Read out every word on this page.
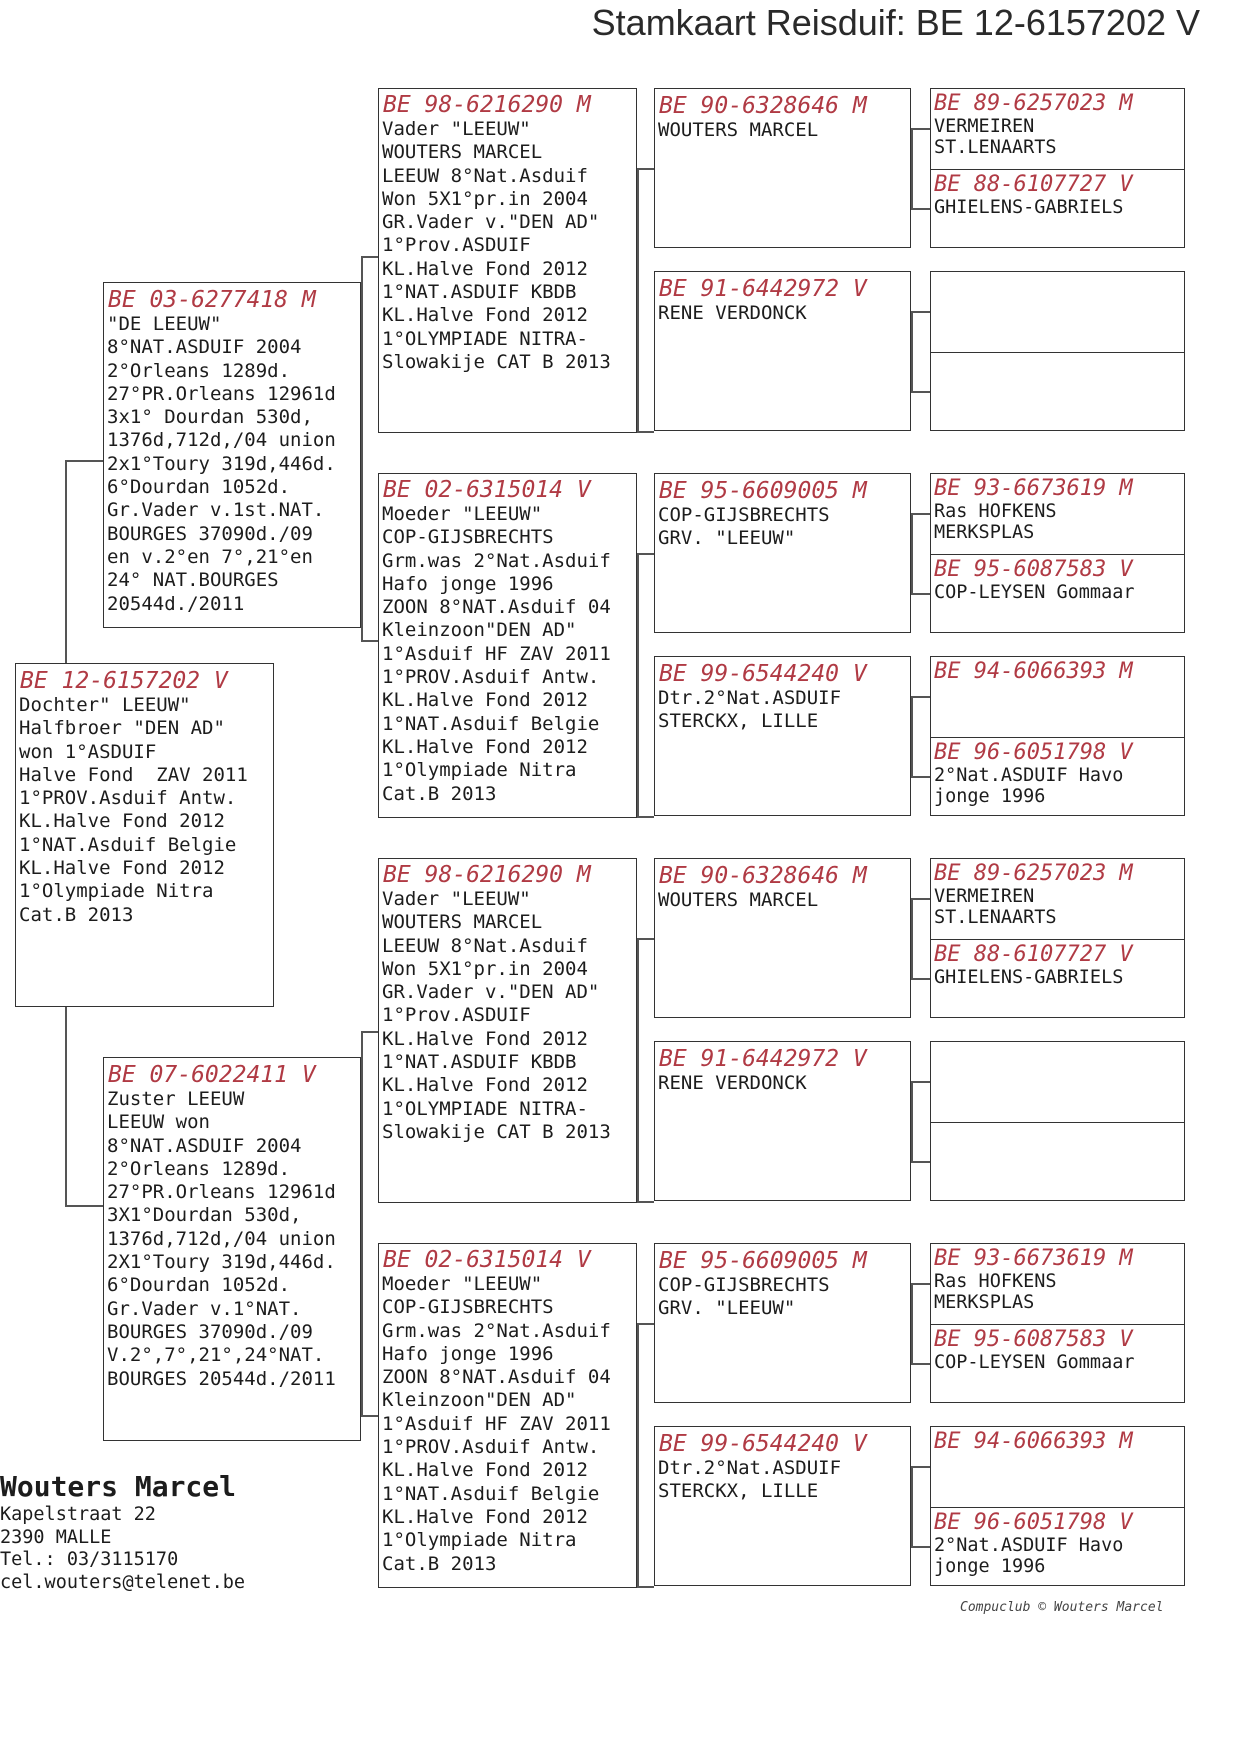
Stamkaart Reisduif: BE 12-6157202 V
BE 12-6157202 V
Dochter" LEEUW"
Halfbroer "DEN AD"
won 1°ASDUIF
Halve Fond  ZAV 2011
1°PROV.Asduif Antw.
KL.Halve Fond 2012
1°NAT.Asduif Belgie
KL.Halve Fond 2012
1°Olympiade Nitra
Cat.B 2013
BE 03-6277418 M
"DE LEEUW"
8°NAT.ASDUIF 2004
2°Orleans 1289d.
27°PR.Orleans 12961d
3x1° Dourdan 530d,
1376d,712d,/04 union
2x1°Toury 319d,446d.
6°Dourdan 1052d.
Gr.Vader v.1st.NAT.
BOURGES 37090d./09
en v.2°en 7°,21°en
24° NAT.BOURGES
20544d./2011
BE 07-6022411 V
Zuster LEEUW
LEEUW won
8°NAT.ASDUIF 2004
2°Orleans 1289d.
27°PR.Orleans 12961d
3X1°Dourdan 530d,
1376d,712d,/04 union
2X1°Toury 319d,446d.
6°Dourdan 1052d.
Gr.Vader v.1°NAT.
BOURGES 37090d./09
V.2°,7°,21°,24°NAT.
BOURGES 20544d./2011
BE 98-6216290 M
Vader "LEEUW"
WOUTERS MARCEL
LEEUW 8°Nat.Asduif
Won 5X1°pr.in 2004
GR.Vader v."DEN AD"
1°Prov.ASDUIF
KL.Halve Fond 2012
1°NAT.ASDUIF KBDB
KL.Halve Fond 2012
1°OLYMPIADE NITRA-
Slowakije CAT B 2013
BE 02-6315014 V
Moeder "LEEUW"
COP-GIJSBRECHTS
Grm.was 2°Nat.Asduif
Hafo jonge 1996
ZOON 8°NAT.Asduif 04
Kleinzoon"DEN AD"
1°Asduif HF ZAV 2011
1°PROV.Asduif Antw.
KL.Halve Fond 2012
1°NAT.Asduif Belgie
KL.Halve Fond 2012
1°Olympiade Nitra
Cat.B 2013
BE 98-6216290 M
Vader "LEEUW"
WOUTERS MARCEL
LEEUW 8°Nat.Asduif
Won 5X1°pr.in 2004
GR.Vader v."DEN AD"
1°Prov.ASDUIF
KL.Halve Fond 2012
1°NAT.ASDUIF KBDB
KL.Halve Fond 2012
1°OLYMPIADE NITRA-
Slowakije CAT B 2013
BE 02-6315014 V
Moeder "LEEUW"
COP-GIJSBRECHTS
Grm.was 2°Nat.Asduif
Hafo jonge 1996
ZOON 8°NAT.Asduif 04
Kleinzoon"DEN AD"
1°Asduif HF ZAV 2011
1°PROV.Asduif Antw.
KL.Halve Fond 2012
1°NAT.Asduif Belgie
KL.Halve Fond 2012
1°Olympiade Nitra
Cat.B 2013
BE 90-6328646 M
WOUTERS MARCEL
BE 91-6442972 V
RENE VERDONCK
BE 95-6609005 M
COP-GIJSBRECHTS
GRV. "LEEUW"
BE 99-6544240 V
Dtr.2°Nat.ASDUIF
STERCKX, LILLE
BE 90-6328646 M
WOUTERS MARCEL
BE 91-6442972 V
RENE VERDONCK
BE 95-6609005 M
COP-GIJSBRECHTS
GRV. "LEEUW"
BE 99-6544240 V
Dtr.2°Nat.ASDUIF
STERCKX, LILLE
BE 89-6257023 M
VERMEIREN
ST.LENAARTS
BE 88-6107727 V
GHIELENS-GABRIELS
BE 93-6673619 M
Ras HOFKENS
MERKSPLAS
BE 95-6087583 V
COP-LEYSEN Gommaar
BE 94-6066393 M
BE 96-6051798 V
2°Nat.ASDUIF Havo
jonge 1996
BE 89-6257023 M
VERMEIREN
ST.LENAARTS
BE 88-6107727 V
GHIELENS-GABRIELS
BE 93-6673619 M
Ras HOFKENS
MERKSPLAS
BE 95-6087583 V
COP-LEYSEN Gommaar
BE 94-6066393 M
BE 96-6051798 V
2°Nat.ASDUIF Havo
jonge 1996
Wouters Marcel
Kapelstraat 22
2390 MALLE
Tel.: 03/3115170
cel.wouters@telenet.be
Compuclub © Wouters Marcel
